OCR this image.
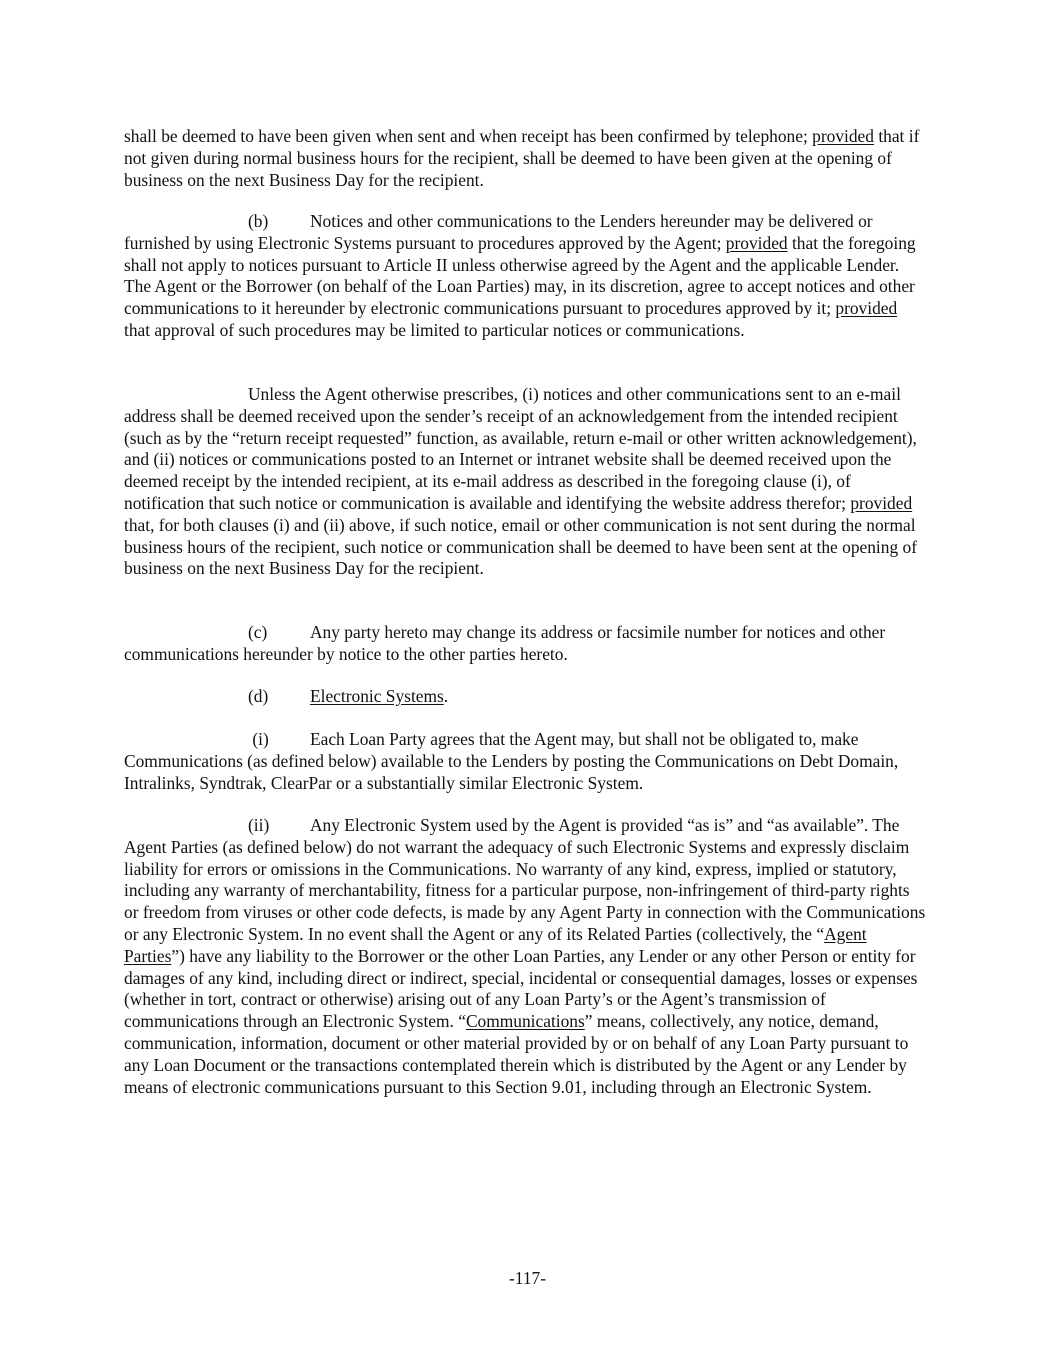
shall be deemed to have been given when sent and when receipt has been confirmed by telephone; provided that if not given during normal business hours for the recipient, shall be deemed to have been given at the opening of business on the next Business Day for the recipient.

(b) Notices and other communications to the Lenders hereunder may be delivered or furnished by using Electronic Systems pursuant to procedures approved by the Agent; provided that the foregoing shall not apply to notices pursuant to Article II unless otherwise agreed by the Agent and the applicable Lender. The Agent or the Borrower (on behalf of the Loan Parties) may, in its discretion, agree to accept notices and other communications to it hereunder by electronic communications pursuant to procedures approved by it; provided that approval of such procedures may be limited to particular notices or communications.

Unless the Agent otherwise prescribes, (i) notices and other communications sent to an e-mail address shall be deemed received upon the sender’s receipt of an acknowledgement from the intended recipient (such as by the “return receipt requested” function, as available, return e-mail or other written acknowledgement), and (ii) notices or communications posted to an Internet or intranet website shall be deemed received upon the deemed receipt by the intended recipient, at its e-mail address as described in the foregoing clause (i), of notification that such notice or communication is available and identifying the website address therefor; provided that, for both clauses (i) and (ii) above, if such notice, email or other communication is not sent during the normal business hours of the recipient, such notice or communication shall be deemed to have been sent at the opening of business on the next Business Day for the recipient.

(c) Any party hereto may change its address or facsimile number for notices and other communications hereunder by notice to the other parties hereto.

(d) Electronic Systems.

(i) Each Loan Party agrees that the Agent may, but shall not be obligated to, make Communications (as defined below) available to the Lenders by posting the Communications on Debt Domain, Intralinks, Syndtrak, ClearPar or a substantially similar Electronic System.

(ii) Any Electronic System used by the Agent is provided “as is” and “as available”. The Agent Parties (as defined below) do not warrant the adequacy of such Electronic Systems and expressly disclaim liability for errors or omissions in the Communications. No warranty of any kind, express, implied or statutory, including any warranty of merchantability, fitness for a particular purpose, non-infringement of third-party rights or freedom from viruses or other code defects, is made by any Agent Party in connection with the Communications or any Electronic System. In no event shall the Agent or any of its Related Parties (collectively, the “Agent Parties”) have any liability to the Borrower or the other Loan Parties, any Lender or any other Person or entity for damages of any kind, including direct or indirect, special, incidental or consequential damages, losses or expenses (whether in tort, contract or otherwise) arising out of any Loan Party’s or the Agent’s transmission of communications through an Electronic System. “Communications” means, collectively, any notice, demand, communication, information, document or other material provided by or on behalf of any Loan Party pursuant to any Loan Document or the transactions contemplated therein which is distributed by the Agent or any Lender by means of electronic communications pursuant to this Section 9.01, including through an Electronic System.

-117-
